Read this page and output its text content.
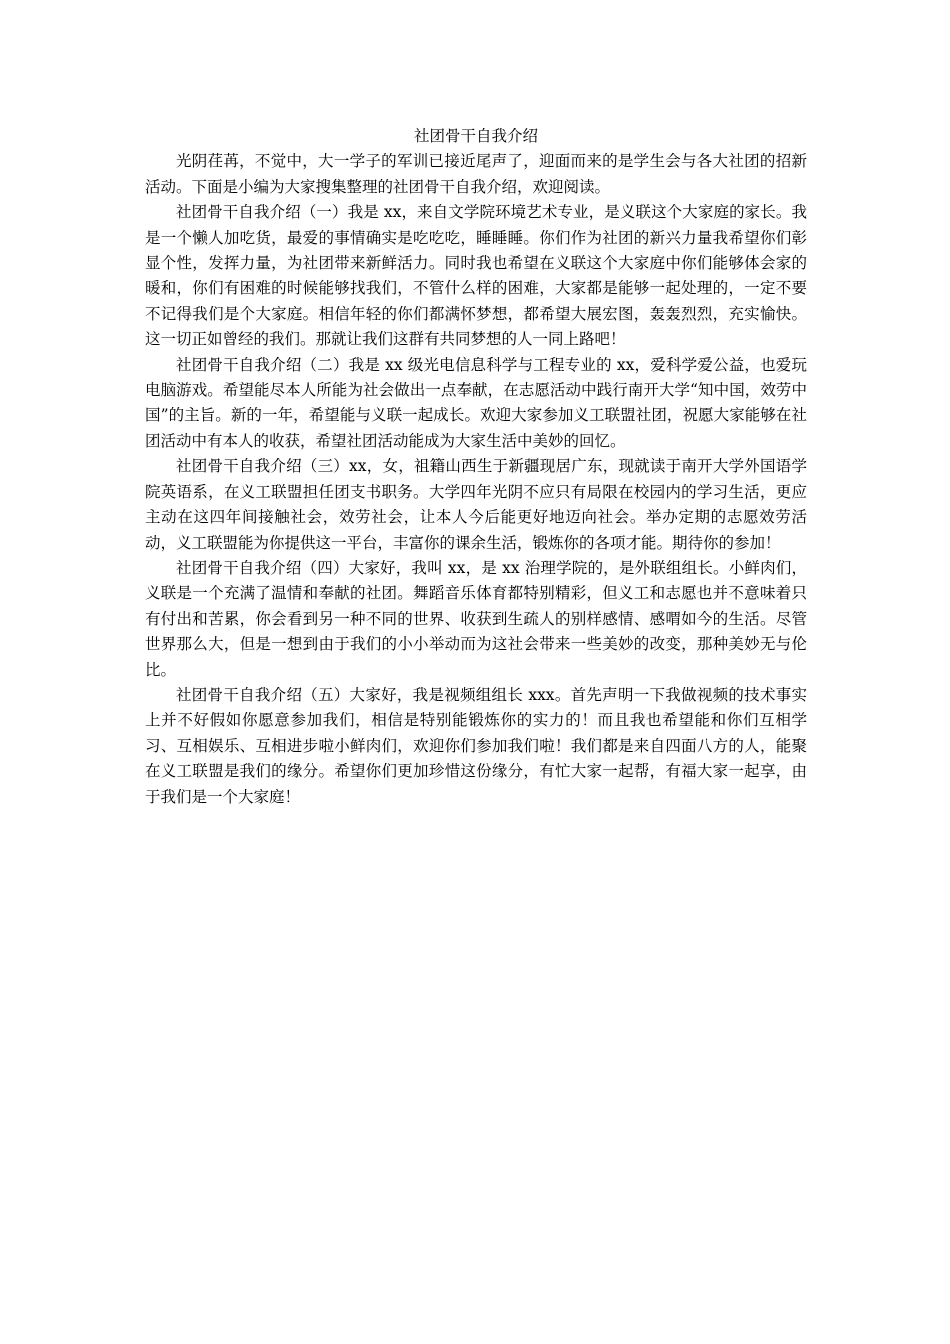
社团骨干自我介绍

光阴荏苒，不觉中，大一学子的军训已接近尾声了，迎面而来的是学生会与各大社团的招新活动。下面是小编为大家搜集整理的社团骨干自我介绍，欢迎阅读。

社团骨干自我介绍（一）我是 xx，来自文学院环境艺术专业，是义联这个大家庭的家长。我是一个懒人加吃货，最爱的事情确实是吃吃吃，睡睡睡。你们作为社团的新兴力量我希望你们彰显个性，发挥力量，为社团带来新鲜活力。同时我也希望在义联这个大家庭中你们能够体会家的暖和，你们有困难的时候能够找我们，不管什么样的困难，大家都是能够一起处理的，一定不要不记得我们是个大家庭。相信年轻的你们都满怀梦想，都希望大展宏图，轰轰烈烈，充实愉快。这一切正如曾经的我们。那就让我们这群有共同梦想的人一同上路吧！

社团骨干自我介绍（二）我是 xx 级光电信息科学与工程专业的 xx，爱科学爱公益，也爱玩电脑游戏。希望能尽本人所能为社会做出一点奉献，在志愿活动中践行南开大学“知中国，效劳中国”的主旨。新的一年，希望能与义联一起成长。欢迎大家参加义工联盟社团，祝愿大家能够在社团活动中有本人的收获，希望社团活动能成为大家生活中美妙的回忆。

社团骨干自我介绍（三）xx，女，祖籍山西生于新疆现居广东，现就读于南开大学外国语学院英语系，在义工联盟担任团支书职务。大学四年光阴不应只有局限在校园内的学习生活，更应主动在这四年间接触社会，效劳社会，让本人今后能更好地迈向社会。举办定期的志愿效劳活动，义工联盟能为你提供这一平台，丰富你的课余生活，锻炼你的各项才能。期待你的参加！

社团骨干自我介绍（四）大家好，我叫 xx，是 xx 治理学院的，是外联组组长。小鲜肉们，义联是一个充满了温情和奉献的社团。舞蹈音乐体育都特别精彩，但义工和志愿也并不意味着只有付出和苦累，你会看到另一种不同的世界、收获到生疏人的别样感情、感喟如今的生活。尽管世界那么大，但是一想到由于我们的小小举动而为这社会带来一些美妙的改变，那种美妙无与伦比。

社团骨干自我介绍（五）大家好，我是视频组组长 xxx。首先声明一下我做视频的技术事实上并不好假如你愿意参加我们，相信是特别能锻炼你的实力的！而且我也希望能和你们互相学习、互相娱乐、互相进步啦小鲜肉们，欢迎你们参加我们啦！我们都是来自四面八方的人，能聚在义工联盟是我们的缘分。希望你们更加珍惜这份缘分，有忙大家一起帮，有福大家一起享，由于我们是一个大家庭！
